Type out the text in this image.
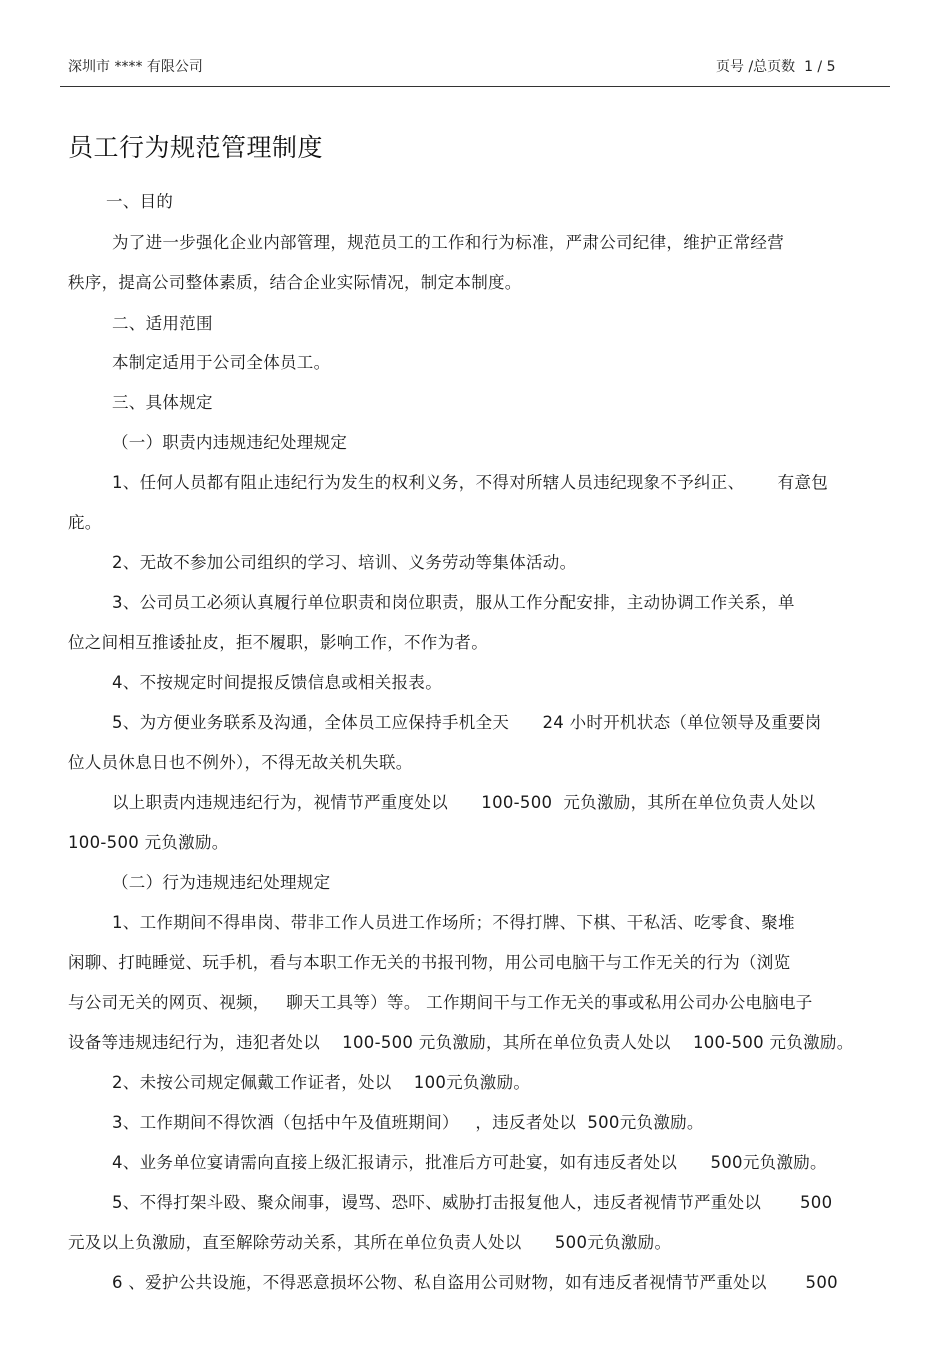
深圳市 **** 有限公司	页号 /总页数  1 / 5
员工行为规范管理制度
一、目的
为了进一步强化企业内部管理，规范员工的工作和行为标准，严肃公司纪律，维护正常经营
秩序，提高公司整体素质，结合企业实际情况，制定本制度。
二、适用范围
本制定适用于公司全体员工。
三、具体规定
（一）职责内违规违纪处理规定
1、任何人员都有阻止违纪行为发生的权利义务，不得对所辖人员违纪现象不予纠正、      有意包
庇。
2、无故不参加公司组织的学习、培训、义务劳动等集体活动。
3、公司员工必须认真履行单位职责和岗位职责，服从工作分配安排，主动协调工作关系，单
位之间相互推诿扯皮，拒不履职，影响工作，不作为者。
4、不按规定时间提报反馈信息或相关报表。
5、为方便业务联系及沟通，全体员工应保持手机全天      24 小时开机状态（单位领导及重要岗
位人员休息日也不例外），不得无故关机失联。
以上职责内违规违纪行为，视情节严重度处以      100-500  元负激励，其所在单位负责人处以
100-500 元负激励。
（二）行为违规违纪处理规定
1、工作期间不得串岗、带非工作人员进工作场所；不得打牌、下棋、干私活、吃零食、聚堆
闲聊、打盹睡觉、玩手机，看与本职工作无关的书报刊物，用公司电脑干与工作无关的行为（浏览
与公司无关的网页、视频，   聊天工具等）等。 工作期间干与工作无关的事或私用公司办公电脑电子
设备等违规违纪行为，违犯者处以    100-500 元负激励，其所在单位负责人处以    100-500 元负激励。
2、未按公司规定佩戴工作证者，处以    100元负激励。
3、工作期间不得饮酒（包括中午及值班期间）   ，违反者处以  500元负激励。
4、业务单位宴请需向直接上级汇报请示，批准后方可赴宴，如有违反者处以      500元负激励。
5、不得打架斗殴、聚众闹事，谩骂、恐吓、威胁打击报复他人，违反者视情节严重处以       500
元及以上负激励，直至解除劳动关系，其所在单位负责人处以      500元负激励。
6 、爱护公共设施，不得恶意损坏公物、私自盗用公司财物，如有违反者视情节严重处以       500
